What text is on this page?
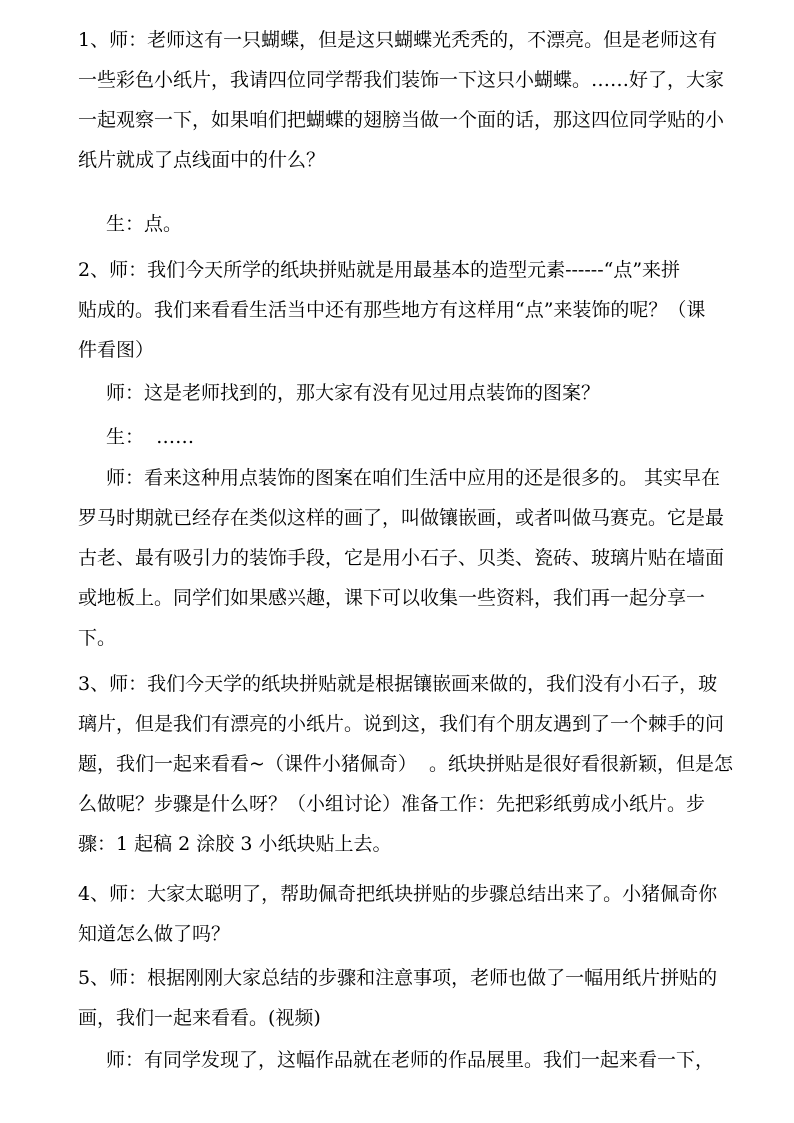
1、师：老师这有一只蝴蝶，但是这只蝴蝶光秃秃的，不漂亮。但是老师这有
一些彩色小纸片，我请四位同学帮我们装饰一下这只小蝴蝶。……好了，大家
一起观察一下，如果咱们把蝴蝶的翅膀当做一个面的话，那这四位同学贴的小
纸片就成了点线面中的什么？
生：点。
2、师：我们今天所学的纸块拼贴就是用最基本的造型元素------“点”来拼
贴成的。我们来看看生活当中还有那些地方有这样用“点”来装饰的呢？（课
件看图）
师：这是老师找到的，那大家有没有见过用点装饰的图案？
生：  ……
师：看来这种用点装饰的图案在咱们生活中应用的还是很多的。 其实早在
罗马时期就已经存在类似这样的画了，叫做镶嵌画，或者叫做马赛克。它是最
古老、最有吸引力的装饰手段，它是用小石子、贝类、瓷砖、玻璃片贴在墙面
或地板上。同学们如果感兴趣，课下可以收集一些资料，我们再一起分享一
下。
3、师：我们今天学的纸块拼贴就是根据镶嵌画来做的，我们没有小石子，玻
璃片，但是我们有漂亮的小纸片。说到这，我们有个朋友遇到了一个棘手的问
题，我们一起来看看~（课件小猪佩奇）  。纸块拼贴是很好看很新颖，但是怎
么做呢？步骤是什么呀？（小组讨论）准备工作：先把彩纸剪成小纸片。步
骤：1 起稿 2 涂胶 3 小纸块贴上去。
4、师：大家太聪明了，帮助佩奇把纸块拼贴的步骤总结出来了。小猪佩奇你
知道怎么做了吗？
5、师：根据刚刚大家总结的步骤和注意事项，老师也做了一幅用纸片拼贴的
画，我们一起来看看。(视频)
师：有同学发现了，这幅作品就在老师的作品展里。我们一起来看一下，
